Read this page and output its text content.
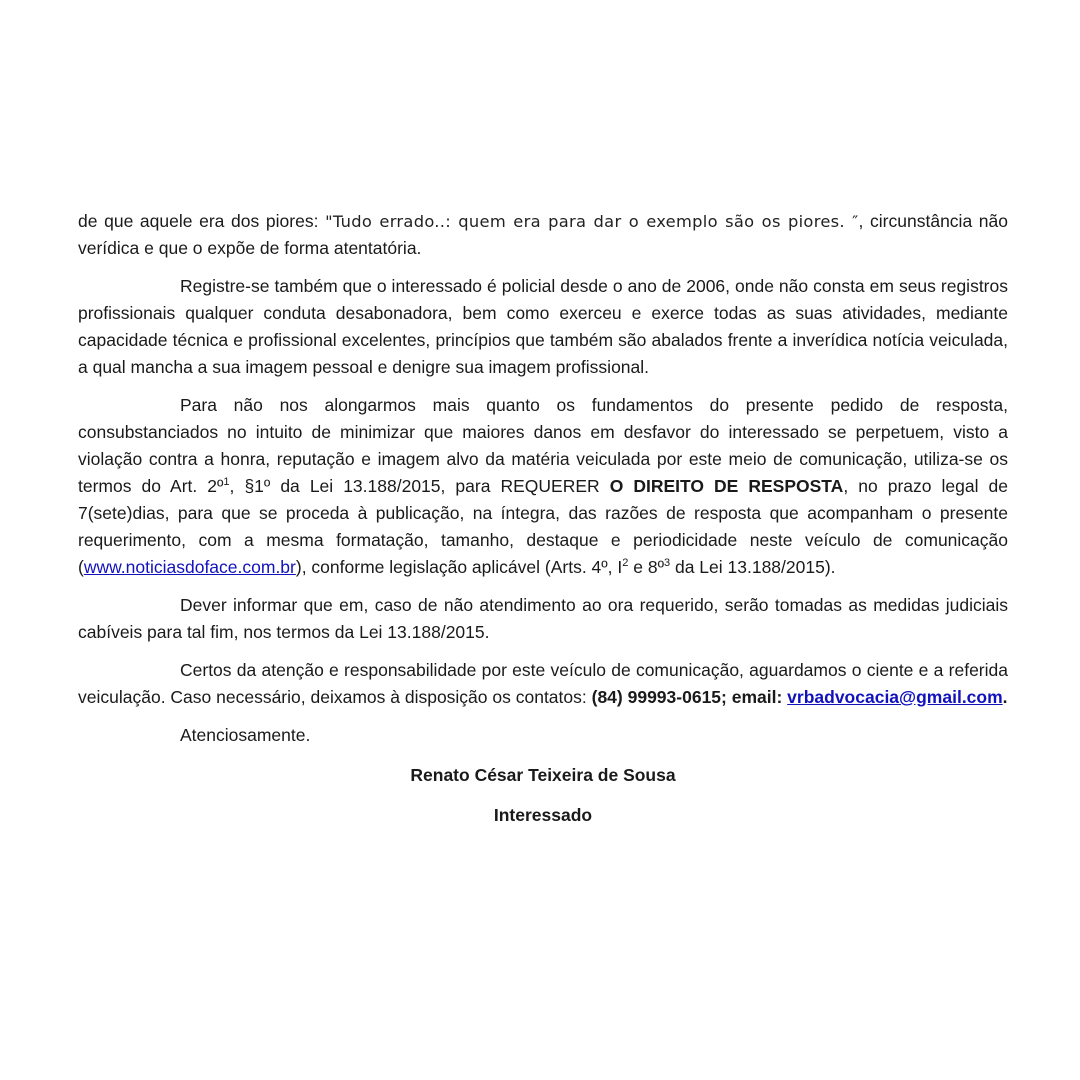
de que aquele era dos piores: "Tudo errado..: quem era para dar o exemplo são os piores. ″, circunstância não verídica e que o expõe de forma atentatória.

Registre-se também que o interessado é policial desde o ano de 2006, onde não consta em seus registros profissionais qualquer conduta desabonadora, bem como exerceu e exerce todas as suas atividades, mediante capacidade técnica e profissional excelentes, princípios que também são abalados frente a inverídica notícia veiculada, a qual mancha a sua imagem pessoal e denigre sua imagem profissional.

Para não nos alongarmos mais quanto os fundamentos do presente pedido de resposta, consubstanciados no intuito de minimizar que maiores danos em desfavor do interessado se perpetuem, visto a violação contra a honra, reputação e imagem alvo da matéria veiculada por este meio de comunicação, utiliza-se os termos do Art. 2º$^1$, §1º da Lei 13.188/2015, para REQUERER O DIREITO DE RESPOSTA, no prazo legal de 7(sete)dias, para que se proceda à publicação, na íntegra, das razões de resposta que acompanham o presente requerimento, com a mesma formatação, tamanho, destaque e periodicidade neste veículo de comunicação (www.noticiasdoface.com.br), conforme legislação aplicável (Arts. 4º, $I^2$ e 8º$^3$ da Lei 13.188/2015).

Dever informar que em, caso de não atendimento ao ora requerido, serão tomadas as medidas judiciais cabíveis para tal fim, nos termos da Lei 13.188/2015.

Certos da atenção e responsabilidade por este veículo de comunicação, aguardamos o ciente e a referida veiculação. Caso necessário, deixamos à disposição os contatos: (84) 99993-0615; email: vrbadvocacia@gmail.com.

Atenciosamente.

Renato César Teixeira de Sousa

Interessado
